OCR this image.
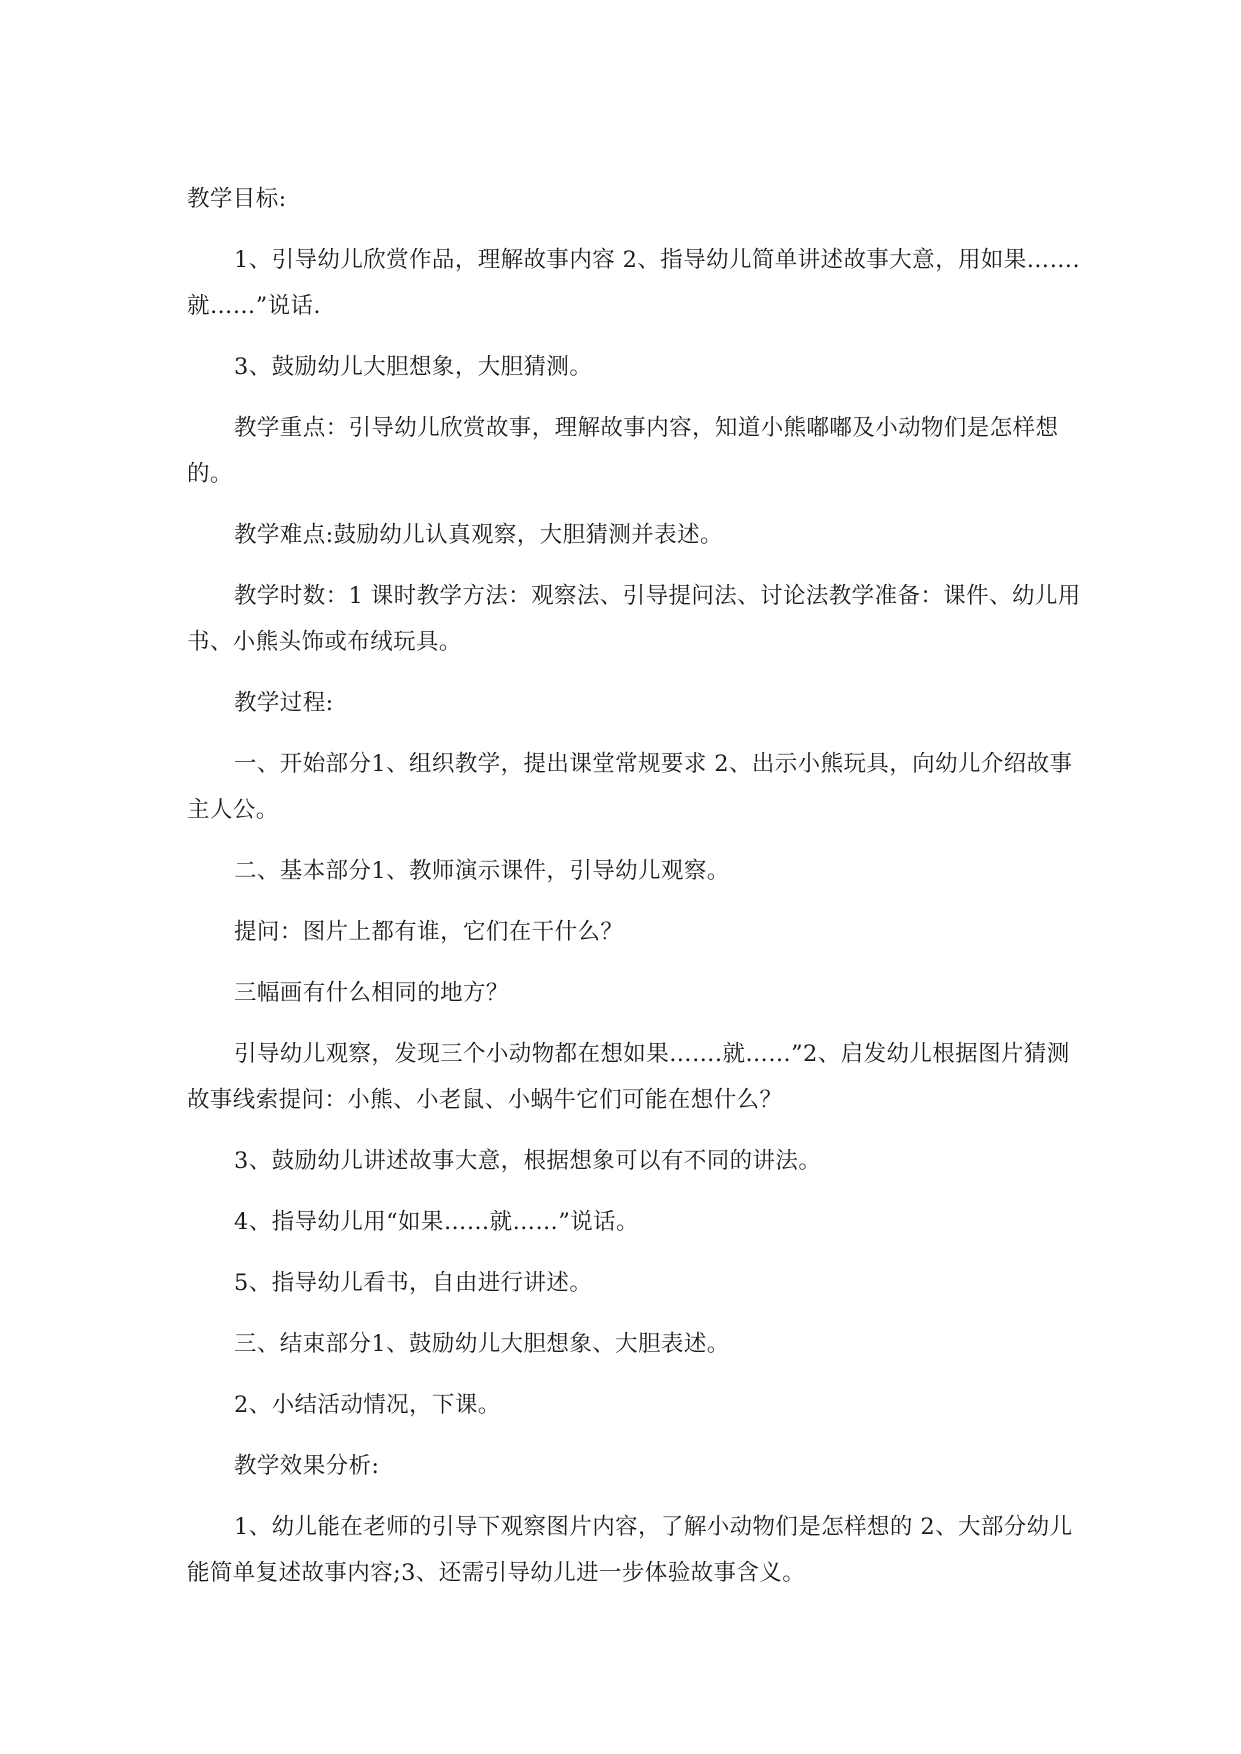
教学目标:

1、引导幼儿欣赏作品，理解故事内容 2、指导幼儿简单讲述故事大意，用如果…….就……”说话.

3、鼓励幼儿大胆想象，大胆猜测。

教学重点：引导幼儿欣赏故事，理解故事内容，知道小熊嘟嘟及小动物们是怎样想的。

教学难点:鼓励幼儿认真观察，大胆猜测并表述。

教学时数：1 课时教学方法：观察法、引导提问法、讨论法教学准备：课件、幼儿用书、小熊头饰或布绒玩具。

教学过程:

一、开始部分1、组织教学，提出课堂常规要求 2、出示小熊玩具，向幼儿介绍故事主人公。

二、基本部分1、教师演示课件，引导幼儿观察。

提问：图片上都有谁，它们在干什么？

三幅画有什么相同的地方？

引导幼儿观察，发现三个小动物都在想如果…….就……”2、启发幼儿根据图片猜测故事线索提问：小熊、小老鼠、小蜗牛它们可能在想什么？

3、鼓励幼儿讲述故事大意，根据想象可以有不同的讲法。

4、指导幼儿用“如果……就……”说话。

5、指导幼儿看书，自由进行讲述。

三、结束部分1、鼓励幼儿大胆想象、大胆表述。

2、小结活动情况，下课。

教学效果分析:

1、幼儿能在老师的引导下观察图片内容，了解小动物们是怎样想的 2、大部分幼儿能简单复述故事内容;3、还需引导幼儿进一步体验故事含义。
